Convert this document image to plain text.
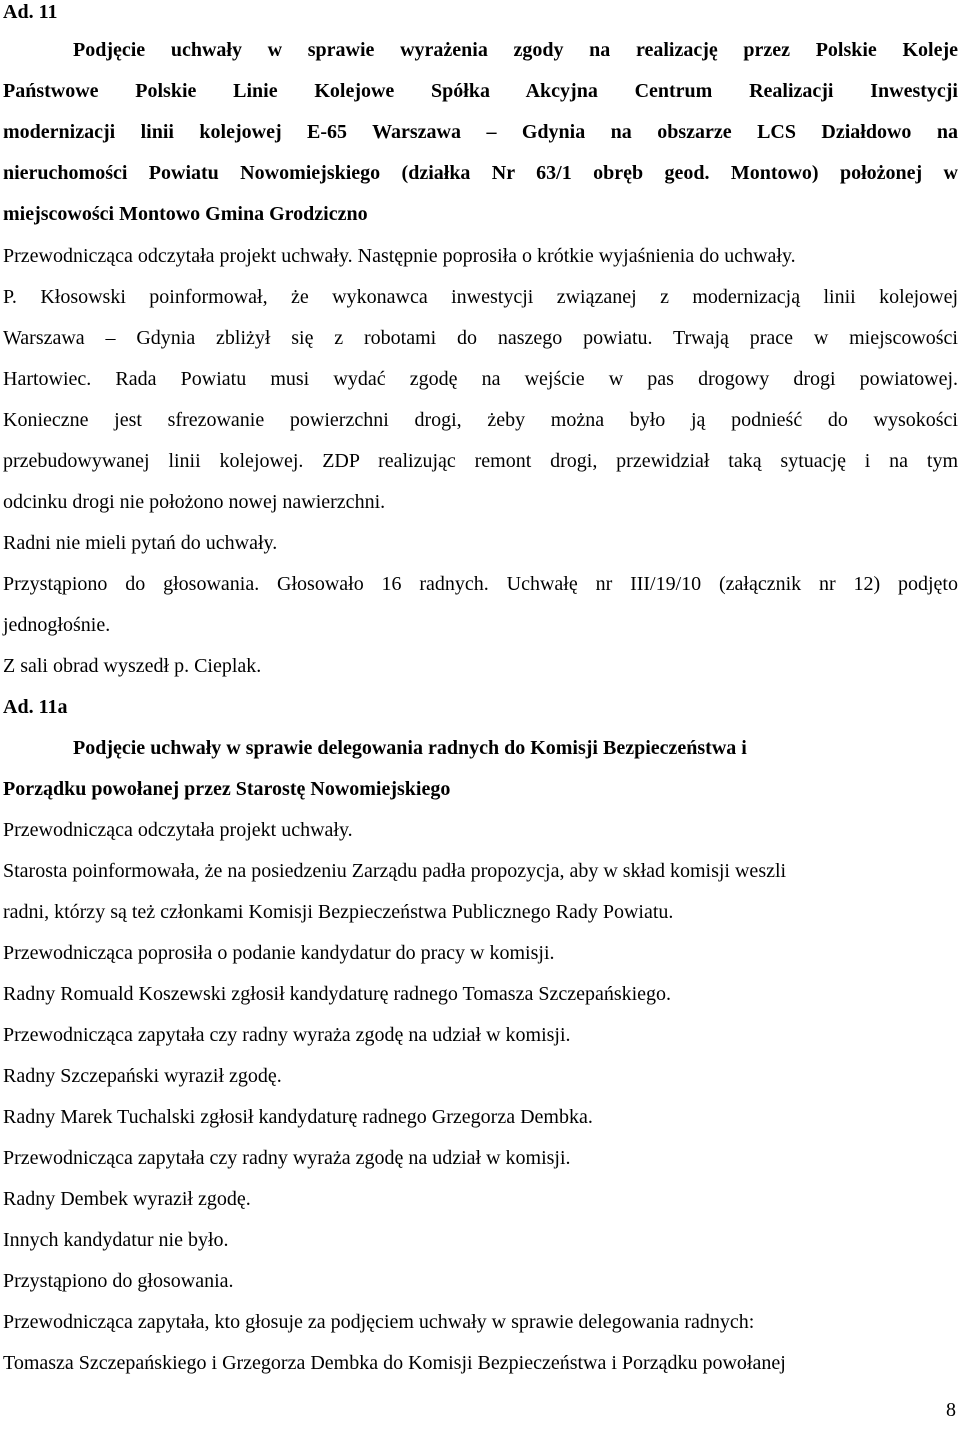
Ad. 11
Podjęcie uchwały w sprawie wyrażenia zgody na realizację przez Polskie Koleje
Państwowe Polskie Linie Kolejowe Spółka Akcyjna Centrum Realizacji Inwestycji
modernizacji linii kolejowej E-65 Warszawa – Gdynia na obszarze LCS Działdowo na
nieruchomości Powiatu Nowomiejskiego (działka Nr 63/1 obręb geod. Montowo) położonej w
miejscowości Montowo Gmina Grodziczno
Przewodnicząca odczytała projekt uchwały. Następnie poprosiła o krótkie wyjaśnienia do uchwały.
P. Kłosowski poinformował, że wykonawca inwestycji związanej z modernizacją linii kolejowej
Warszawa – Gdynia zbliżył się z robotami do naszego powiatu. Trwają prace w miejscowości
Hartowiec. Rada Powiatu musi wydać zgodę na wejście w pas drogowy drogi powiatowej.
Konieczne jest sfrezowanie powierzchni drogi, żeby można było ją podnieść do wysokości
przebudowywanej linii kolejowej. ZDP realizując remont drogi, przewidział taką sytuację i na tym
odcinku drogi nie położono nowej nawierzchni.
Radni nie mieli pytań do uchwały.
Przystąpiono do głosowania. Głosowało 16 radnych. Uchwałę nr III/19/10 (załącznik nr 12) podjęto
jednogłośnie.
Z sali obrad wyszedł p. Cieplak.
Ad. 11a
Podjęcie uchwały w sprawie delegowania radnych do Komisji Bezpieczeństwa i
Porządku powołanej przez Starostę Nowomiejskiego
Przewodnicząca odczytała projekt uchwały.
Starosta poinformowała, że na posiedzeniu Zarządu padła propozycja, aby w skład komisji weszli
radni, którzy są też członkami Komisji Bezpieczeństwa Publicznego Rady Powiatu.
Przewodnicząca poprosiła o podanie kandydatur do pracy w komisji.
Radny Romuald Koszewski zgłosił kandydaturę radnego Tomasza Szczepańskiego.
Przewodnicząca zapytała czy radny wyraża zgodę na udział w komisji.
Radny Szczepański wyraził zgodę.
Radny Marek Tuchalski zgłosił kandydaturę radnego Grzegorza Dembka.
Przewodnicząca zapytała czy radny wyraża zgodę na udział w komisji.
Radny Dembek wyraził zgodę.
Innych kandydatur nie było.
Przystąpiono do głosowania.
Przewodnicząca zapytała, kto głosuje za podjęciem uchwały w sprawie delegowania radnych:
Tomasza Szczepańskiego i Grzegorza Dembka do Komisji Bezpieczeństwa i Porządku powołanej
8
